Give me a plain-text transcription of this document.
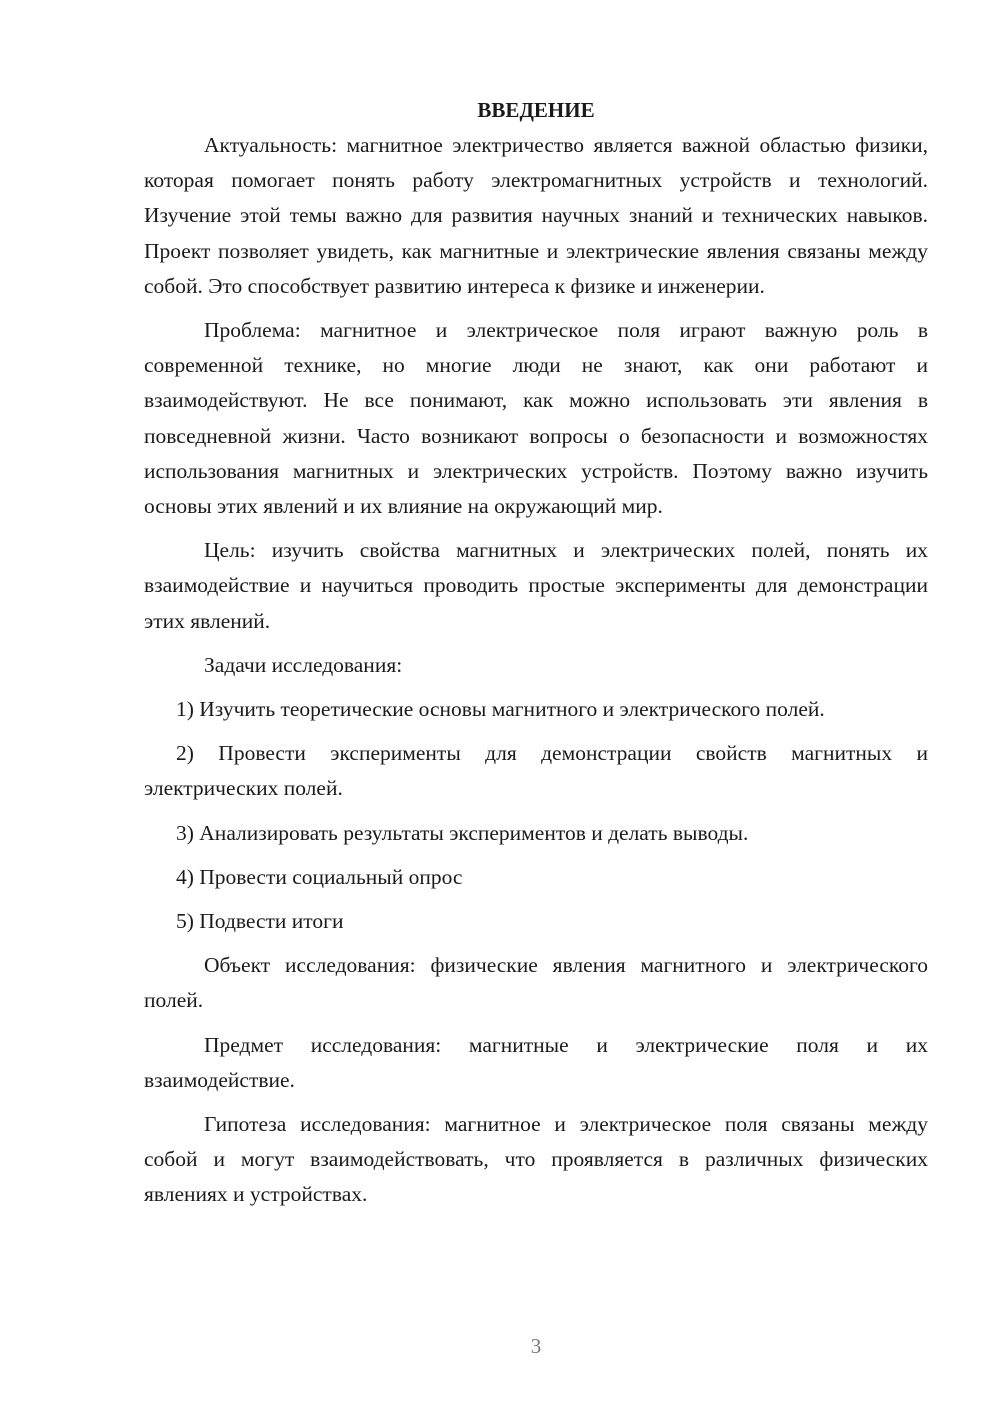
ВВЕДЕНИЕ

Актуальность: магнитное электричество является важной областью физики, которая помогает понять работу электромагнитных устройств и технологий. Изучение этой темы важно для развития научных знаний и технических навыков. Проект позволяет увидеть, как магнитные и электрические явления связаны между собой. Это способствует развитию интереса к физике и инженерии.

Проблема: магнитное и электрическое поля играют важную роль в современной технике, но многие люди не знают, как они работают и взаимодействуют. Не все понимают, как можно использовать эти явления в повседневной жизни. Часто возникают вопросы о безопасности и возможностях использования магнитных и электрических устройств. Поэтому важно изучить основы этих явлений и их влияние на окружающий мир.

Цель: изучить свойства магнитных и электрических полей, понять их взаимодействие и научиться проводить простые эксперименты для демонстрации этих явлений.

Задачи исследования:

1) Изучить теоретические основы магнитного и электрического полей.

2) Провести эксперименты для демонстрации свойств магнитных и электрических полей.

3) Анализировать результаты экспериментов и делать выводы.

4) Провести социальный опрос

5) Подвести итоги

Объект исследования: физические явления магнитного и электрического полей.

Предмет исследования: магнитные и электрические поля и их взаимодействие.

Гипотеза исследования: магнитное и электрическое поля связаны между собой и могут взаимодействовать, что проявляется в различных физических явлениях и устройствах.

3
